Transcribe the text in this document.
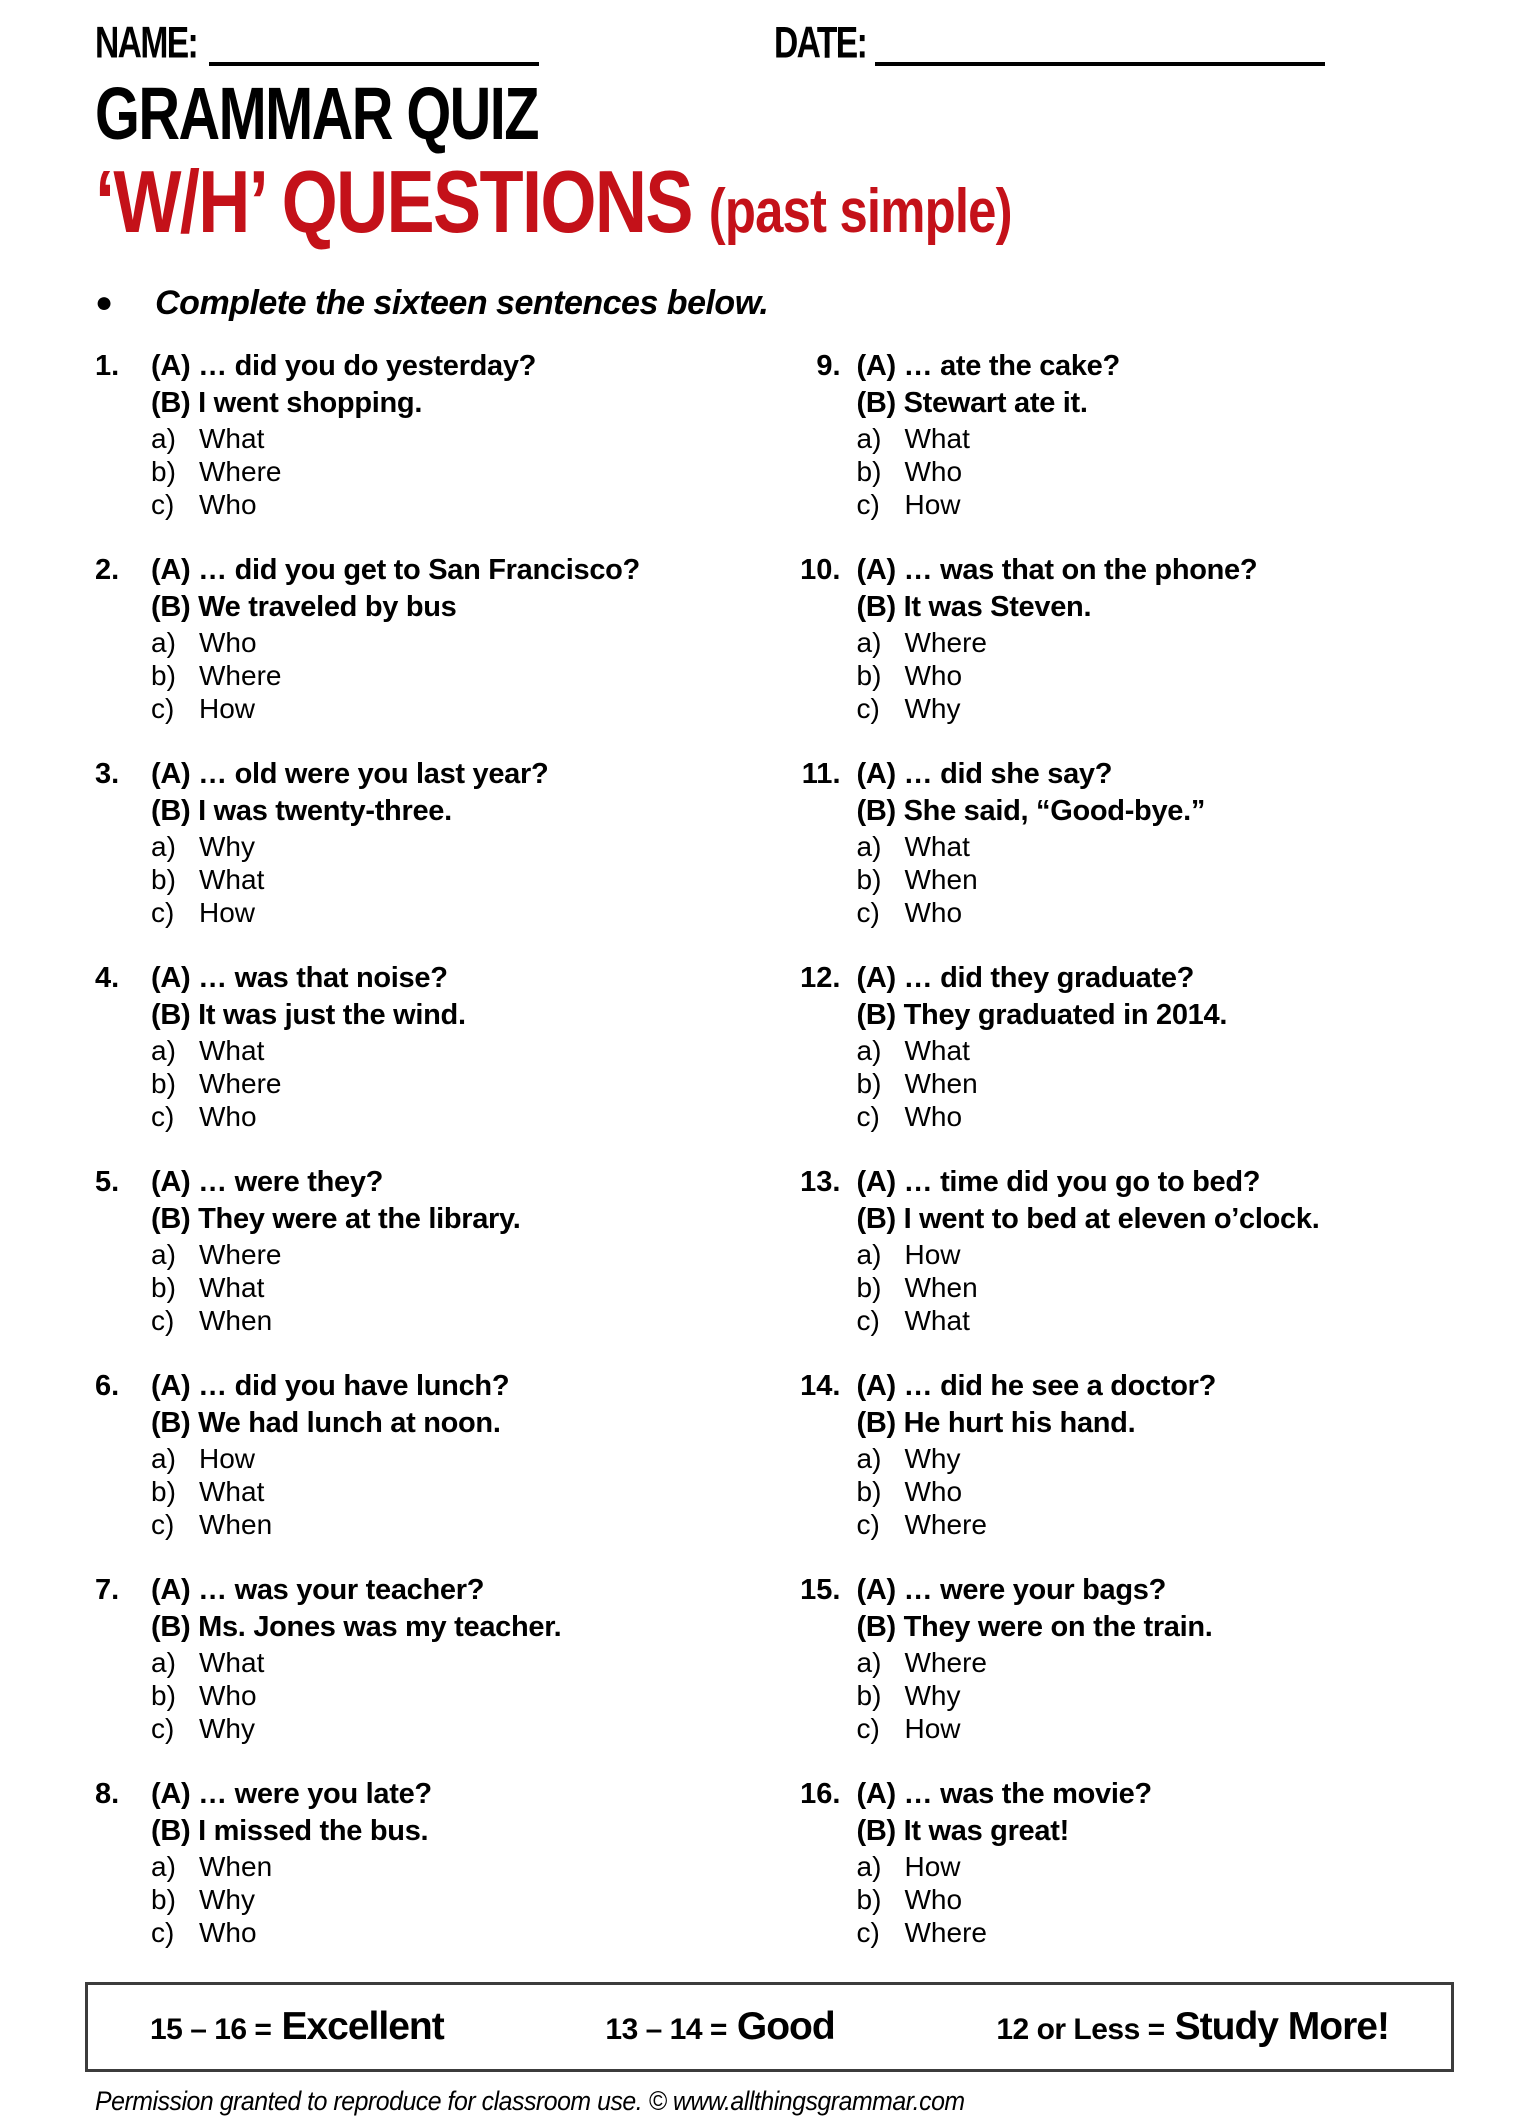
NAME:	DATE:
GRAMMAR QUIZ
‘W/H’ QUESTIONS (past simple)
● Complete the sixteen sentences below.
1.	(A) … did you do yesterday?
(B) I went shopping.
a) What
b) Where
c) Who
2.	(A) … did you get to San Francisco?
(B) We traveled by bus
a) Who
b) Where
c) How
3.	(A) … old were you last year?
(B) I was twenty-three.
a) Why
b) What
c) How
4.	(A) … was that noise?
(B) It was just the wind.
a) What
b) Where
c) Who
5.	(A) … were they?
(B) They were at the library.
a) Where
b) What
c) When
6.	(A) … did you have lunch?
(B) We had lunch at noon.
a) How
b) What
c) When
7.	(A) … was your teacher?
(B) Ms. Jones was my teacher.
a) What
b) Who
c) Why
8.	(A) … were you late?
(B) I missed the bus.
a) When
b) Why
c) Who
9. (A) … ate the cake?
(B) Stewart ate it.
a) What
b) Who
c) How
10. (A) … was that on the phone?
(B) It was Steven.
a) Where
b) Who
c) Why
11. (A) … did she say?
(B) She said, “Good-bye.”
a) What
b) When
c) Who
12. (A) … did they graduate?
(B) They graduated in 2014.
a) What
b) When
c) Who
13. (A) … time did you go to bed?
(B) I went to bed at eleven o’clock.
a) How
b) When
c) What
14. (A) … did he see a doctor?
(B) He hurt his hand.
a) Why
b) Who
c) Where
15. (A) … were your bags?
(B) They were on the train.
a) Where
b) Why
c) How
16. (A) … was the movie?
(B) It was great!
a) How
b) Who
c) Where
15 – 16 = Excellent	13 – 14 = Good	12 or Less = Study More!
Permission granted to reproduce for classroom use. © www.allthingsgrammar.com
